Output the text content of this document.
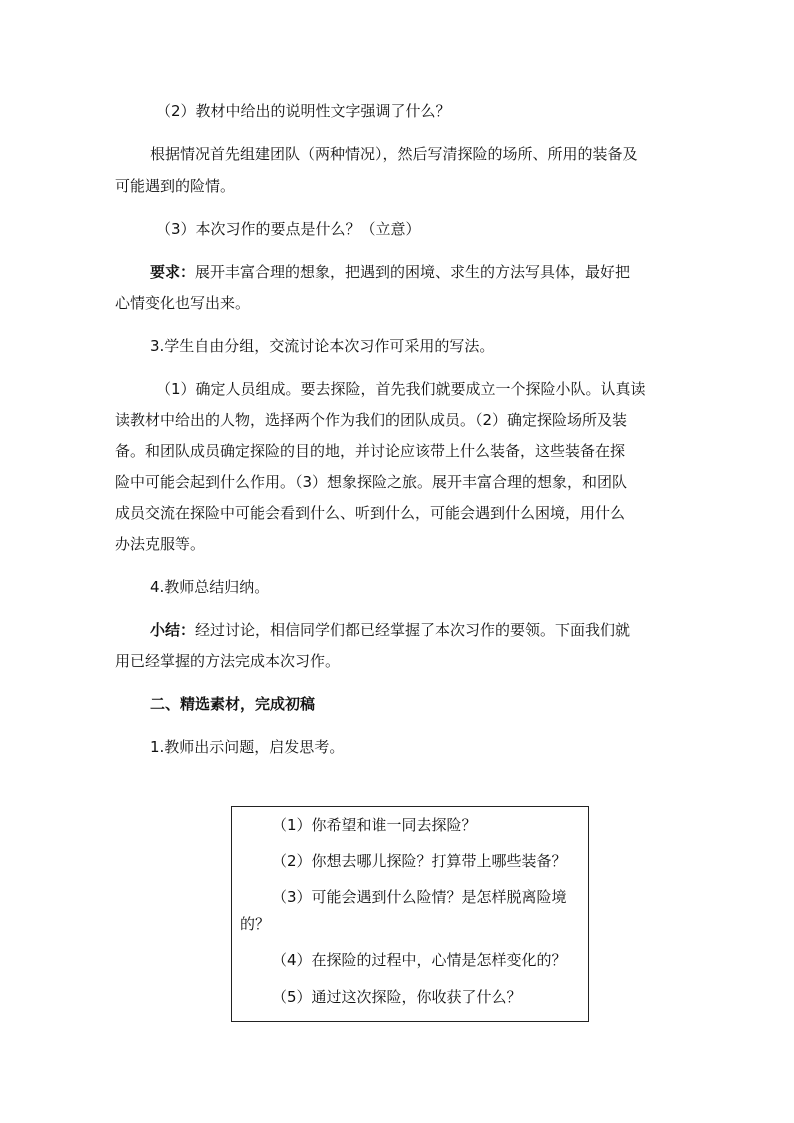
（2）教材中给出的说明性文字强调了什么？
根据情况首先组建团队（两种情况），然后写清探险的场所、所用的装备及
可能遇到的险情。
（3）本次习作的要点是什么？（立意）
要求：展开丰富合理的想象，把遇到的困境、求生的方法写具体，最好把
心情变化也写出来。
3.学生自由分组，交流讨论本次习作可采用的写法。
（1）确定人员组成。要去探险，首先我们就要成立一个探险小队。认真读
读教材中给出的人物，选择两个作为我们的团队成员。（2）确定探险场所及装
备。和团队成员确定探险的目的地，并讨论应该带上什么装备，这些装备在探
险中可能会起到什么作用。（3）想象探险之旅。展开丰富合理的想象，和团队
成员交流在探险中可能会看到什么、听到什么，可能会遇到什么困境，用什么
办法克服等。
4.教师总结归纳。
小结：经过讨论，相信同学们都已经掌握了本次习作的要领。下面我们就
用已经掌握的方法完成本次习作。
二、精选素材，完成初稿
1.教师出示问题，启发思考。
（1）你希望和谁一同去探险？
（2）你想去哪儿探险？打算带上哪些装备？
（3）可能会遇到什么险情？是怎样脱离险境
的？
（4）在探险的过程中，心情是怎样变化的？
（5）通过这次探险，你收获了什么？
